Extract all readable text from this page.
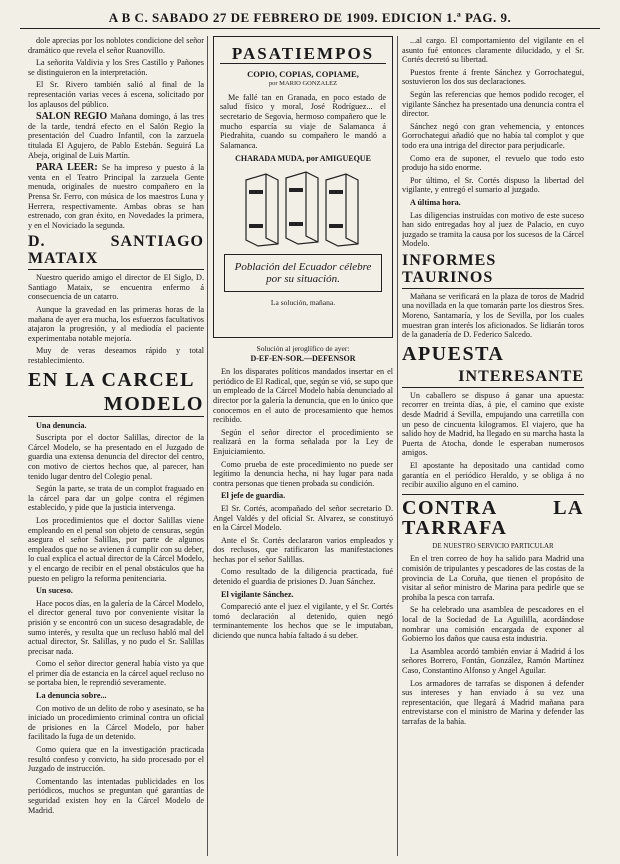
A B C. SABADO 27 DE FEBRERO DE 1909. EDICION 1.ª PAG. 9.

dole aprecias por los noblotes condicione del señor dramático que revela el señor Ruanovillo.

La señorita Valdivia y los Sres Castillo y Pañones se distinguieron en la interpretación.

El Sr. Rivero también salió al final de la representación varias veces á escena, solicitado por los aplausos del público.

SALON REGIO Mañana domingo, á las tres de la tarde, tendrá efecto en el Salón Regio la presentación del Cuadro Infantil, con la zarzuela titulada El Agujero, de Pablo Estebán. Seguirá La Abeja, original de Luis Martín.

PARA LEER: Se ha impreso y puesto á la venta en el Teatro Principal la zarzuela Gente menuda, originales de nuestro compañero en la Prensa Sr. Ferro, con música de los maestros Luna y Herrera, respectivamente. Ambas obras se han estrenado, con gran éxito, en Novedades la primera, y en el Noviciado la segunda.

D. SANTIAGO MATAIX

Nuestro querido amigo el director de El Siglo, D. Santiago Mataix, se encuentra enfermo á consecuencia de un catarro.

Aunque la gravedad en las primeras horas de la mañana de ayer era mucha, los esfuerzos facultativos atajaron la progresión, y al mediodía el paciente experimentaba notable mejoría.

Muy de veras deseamos rápido y total restablecimiento.

EN LA CARCEL
MODELO

Una denuncia.

Suscripta por el doctor Salillas, director de la Cárcel Modelo, se ha presentado en el Juzgado de guardia una extensa denuncia del director del centro, con motivo de ciertos hechos que, al parecer, han tenido lugar dentro del Colegio penal.

Según la parte, se trata de un complot fraguado en la cárcel para dar un golpe contra el régimen establecido, y pide que la justicia intervenga.

Los procedimientos que el doctor Salillas viene empleando en el penal son objeto de censuras, según asegura el señor Salillas, por parte de algunos empleados que no se avienen á cumplir con su deber, lo cual explica el actual director de la Cárcel Modelo, y el encargo de recibir en el penal obstáculos que ha puesto en peligro la reforma penitenciaria.

Un suceso.

Hace pocos días, en la galería de la Cárcel Modelo, el director general tuvo por conveniente visitar la prisión y se encontró con un suceso desagradable, de sumo interés, y resulta que un recluso habló mal del actual director, Sr. Salillas, y no pudo el Sr. Salillas precisar nada.

Como el señor director general había visto ya que el primer día de estancia en la cárcel aquel recluso no se portaba bien, le reprendió severamente.

La denuncia sobre...

Con motivo de un delito de robo y asesinato, se ha iniciado un procedimiento criminal contra un oficial de prisiones en la Cárcel Modelo, por haber facilitado la fuga de un detenido.

Como quiera que en la investigación practicada resultó confeso y convicto, ha sido procesado por el Juzgado de instrucción.

Comentando las intentadas publicidades en los periódicos, muchos se preguntan qué garantías de seguridad existen hoy en la Cárcel Modelo de Madrid.

PASATIEMPOS
COPIO, COPIAS, COPIAME,
por MARIO GONZALEZ

Me fallé tan en Granada, en poco estado de salud físico y moral, José Rodríguez... el secretario de Segovia, hermoso compañero que le mucho esparcía su viaje de Salamanca á Piedrahita, cuando su compañero le mandó a Salamanca.

CHARADA MUDA, por AMIGUEQUE
Población del Ecuador célebre por su situación.
La solución, mañana.
Solución al jeroglífico de ayer:
D-EF-EN-SOR.—DEFENSOR

En los disparates políticos mandados insertar en el periódico de El Radical, que, según se vió, se supo que un empleado de la Cárcel Modelo había denunciado al director por la galería la denuncia, que en lo único que conocemos en el auto de procesamiento que hemos recibido.

Según el señor director el procedimiento se realizará en la forma señalada por la Ley de Enjuiciamiento.

Como prueba de este procedimiento no puede ser legítimo la denuncia hecha, ni hay lugar para nada contra personas que tienen probada su condición.

El jefe de guardia.

El Sr. Cortés, acompañado del señor secretario D. Angel Valdés y del oficial Sr. Alvarez, se constituyó en la Cárcel Modelo.

Ante el Sr. Cortés declararon varios empleados y dos reclusos, que ratificaron las manifestaciones hechas por el señor Salillas.

Como resultado de la diligencia practicada, fué detenido el guardia de prisiones D. Juan Sánchez.

El vigilante Sánchez.

Compareció ante el juez el vigilante, y el Sr. Cortés tomó declaración al detenido, quien negó terminantemente los hechos que se le imputaban, diciendo que nunca había faltado á su deber.

...al cargo. El comportamiento del vigilante en el asunto fué entonces claramente dilucidado, y el Sr. Cortés decretó su libertad.

Puestos frente á frente Sánchez y Gorrochategui, sostuvieron los dos sus declaraciones.

Según las referencias que hemos podido recoger, el vigilante Sánchez ha presentado una denuncia contra el director.

Sánchez negó con gran vehemencia, y entonces Gorrochategui añadió que no había tal complot y que todo era una intriga del director para perjudicarle.

Como era de suponer, el revuelo que todo esto produjo ha sido enorme.

Por último, el Sr. Cortés dispuso la libertad del vigilante, y entregó el sumario al juzgado.

A última hora.

Las diligencias instruídas con motivo de este suceso han sido entregadas hoy al juez de Palacio, en cuyo juzgado se tramita la causa por los sucesos de la Cárcel Modelo.

INFORMES TAURINOS

Mañana se verificará en la plaza de toros de Madrid una novillada en la que tomarán parte los diestros Sres. Moreno, Santamaría, y los de Sevilla, por los cuales muestran gran interés los aficionados. Se lidiarán toros de la ganadería de D. Federico Salcedo.

APUESTA
INTERESANTE

Un caballero se dispuso á ganar una apuesta: recorrer en treinta días, á pie, el camino que existe desde Madrid á Sevilla, empujando una carretilla con un peso de cincuenta kilogramos. El viajero, que ha salido hoy de Madrid, ha llegado en su marcha hasta la Puerta de Atocha, donde le esperaban numerosos amigos.

El apostante ha depositado una cantidad como garantía en el periódico Heraldo, y se obliga á no recibir auxilio alguno en el camino.

CONTRA LA TARRAFA
DE NUESTRO SERVICIO PARTICULAR

En el tren correo de hoy ha salido para Madrid una comisión de tripulantes y pescadores de las costas de la provincia de La Coruña, que tienen el propósito de visitar al señor ministro de Marina para pedirle que se prohiba la pesca con tarrafa.

Se ha celebrado una asamblea de pescadores en el local de la Sociedad de La Aguililla, acordándose nombrar una comisión encargada de exponer al Gobierno los daños que causa esta industria.

La Asamblea acordó también enviar á Madrid á los señores Borrero, Fontán, González, Ramón Martínez Caso, Constantino Alfonso y Angel Aguilar.

Los armadores de tarrafas se disponen á defender sus intereses y han enviado á su vez una representación, que llegará á Madrid mañana para entrevistarse con el ministro de Marina y defender las tarrafas de la bahía.
